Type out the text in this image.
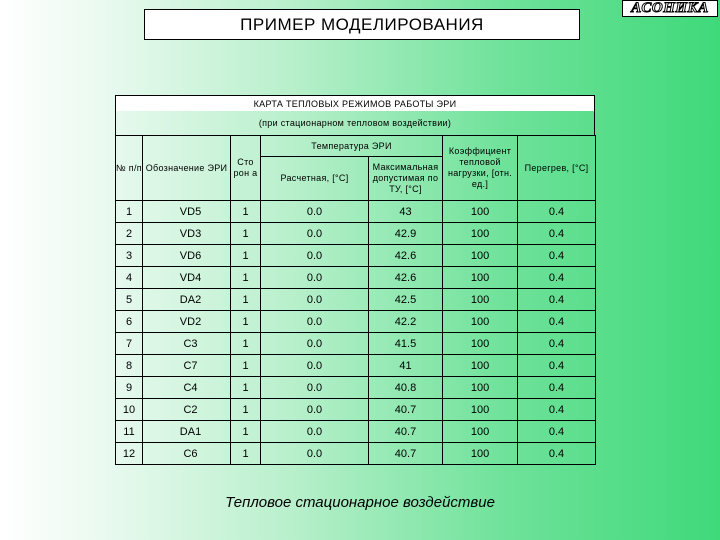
ПРИМЕР МОДЕЛИРОВАНИЯ
АСОНИКА
КАРТА ТЕПЛОВЫХ РЕЖИМОВ РАБОТЫ ЭРИ
(при стационарном тепловом воздействии)
№ п/п	Обозначение ЭРИ	Сто рон а	Температура ЭРИ		Коэффициент тепловой нагрузки, [отн. ед.]	Перегрев, [°C]
			Расчетная, [°C]	Максимальная допустимая по ТУ, [°C]		
1	VD5	1	0.0	43	100	0.4
2	VD3	1	0.0	42.9	100	0.4
3	VD6	1	0.0	42.6	100	0.4
4	VD4	1	0.0	42.6	100	0.4
5	DA2	1	0.0	42.5	100	0.4
6	VD2	1	0.0	42.2	100	0.4
7	C3	1	0.0	41.5	100	0.4
8	C7	1	0.0	41	100	0.4
9	C4	1	0.0	40.8	100	0.4
10	C2	1	0.0	40.7	100	0.4
11	DA1	1	0.0	40.7	100	0.4
12	C6	1	0.0	40.7	100	0.4
Тепловое стационарное воздействие
